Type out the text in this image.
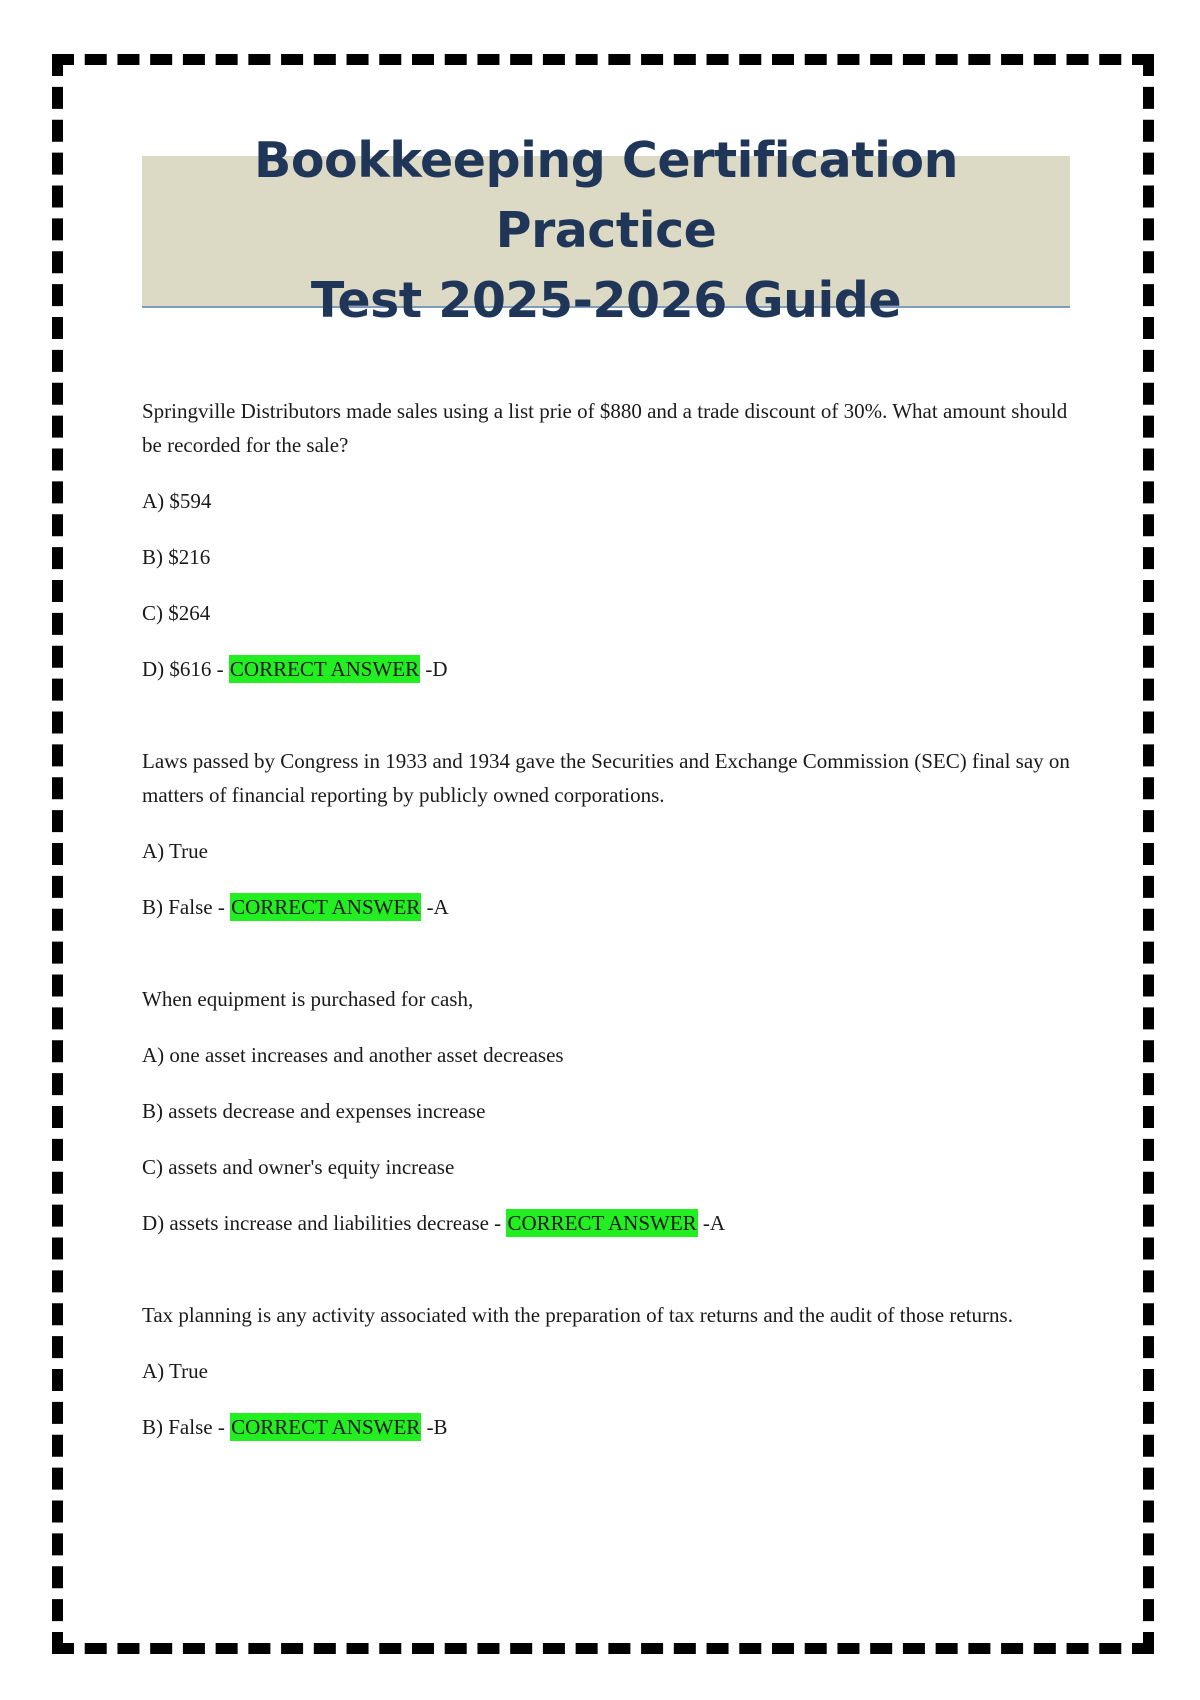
Bookkeeping Certification Practice
Test 2025-2026 Guide

Springville Distributors made sales using a list prie of $880 and a trade discount of 30%. What amount should be recorded for the sale?

A) $594

B) $216

C) $264

D) $616 - CORRECT ANSWER -D

Laws passed by Congress in 1933 and 1934 gave the Securities and Exchange Commission (SEC) final say on matters of financial reporting by publicly owned corporations.

A) True

B) False - CORRECT ANSWER -A

When equipment is purchased for cash,

A) one asset increases and another asset decreases

B) assets decrease and expenses increase

C) assets and owner's equity increase

D) assets increase and liabilities decrease - CORRECT ANSWER -A

Tax planning is any activity associated with the preparation of tax returns and the audit of those returns.

A) True

B) False - CORRECT ANSWER -B
